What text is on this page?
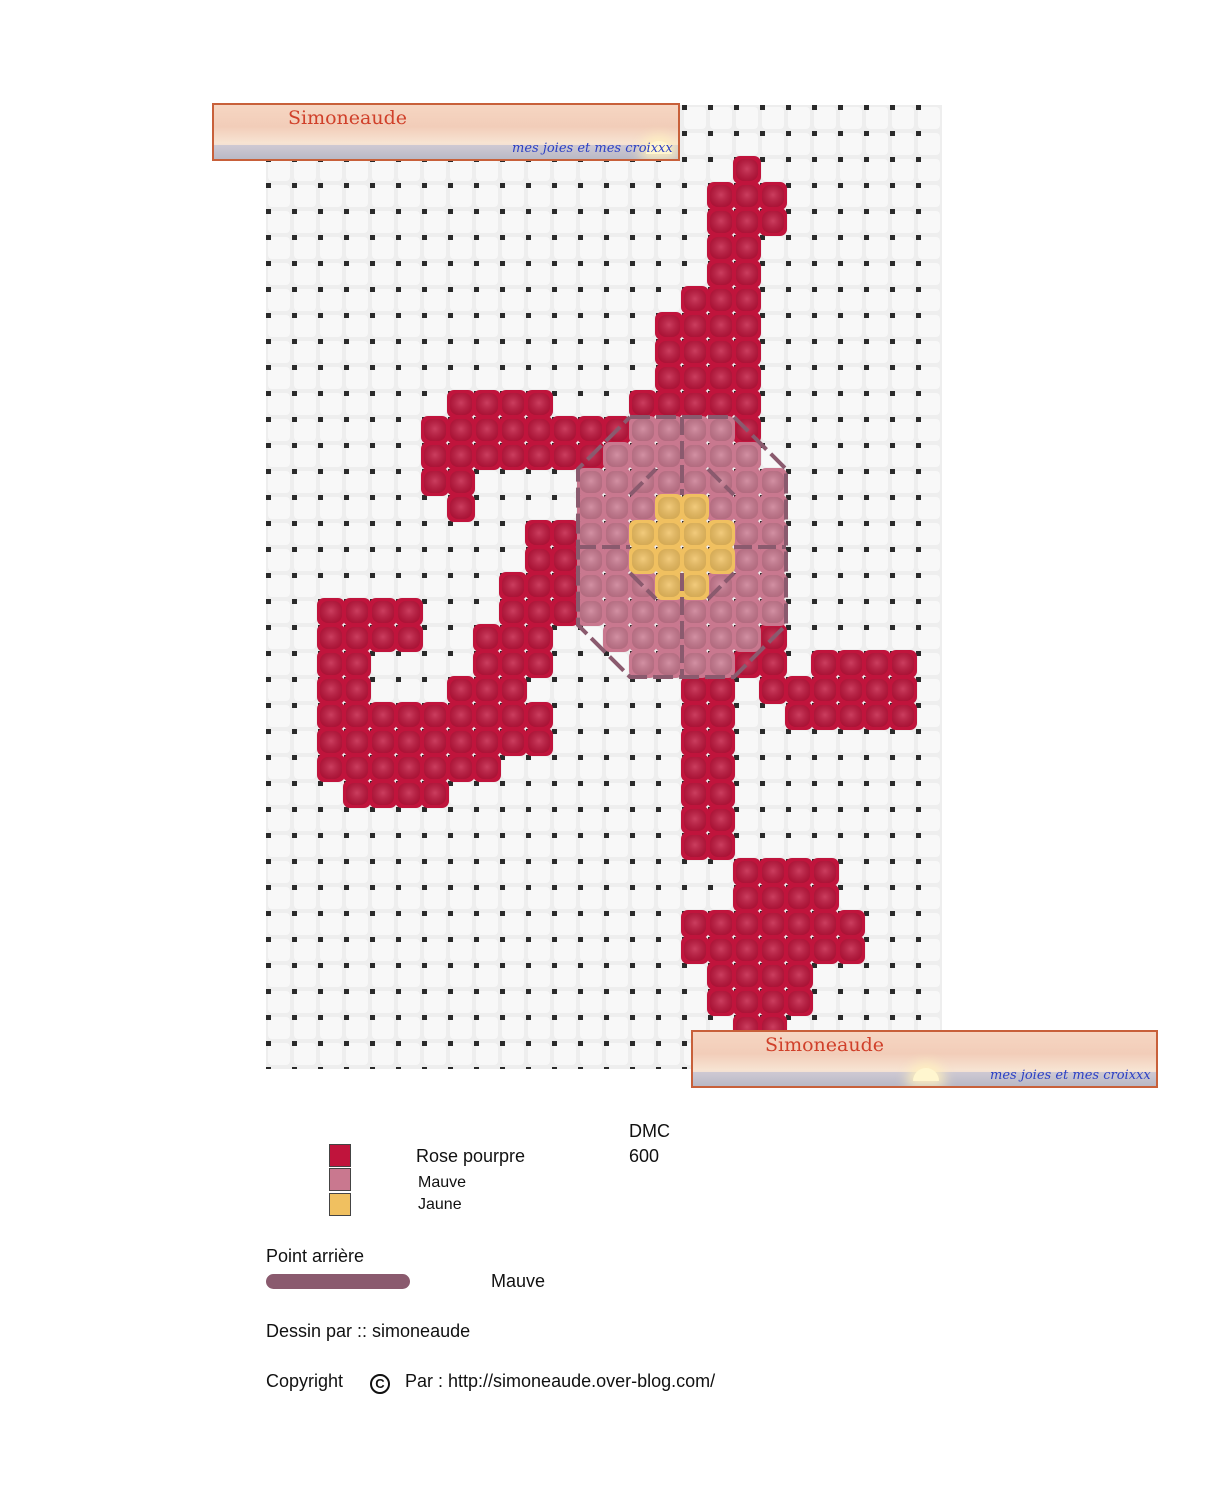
Simoneaude
mes joies et mes croixxx
Simoneaude
mes joies et mes croixxx
DMC
Rose pourpre	600
Mauve
Jaune
Point arrière
Mauve
Dessin par :: simoneaude
Copyright	C Par : http://simoneaude.over-blog.com/
